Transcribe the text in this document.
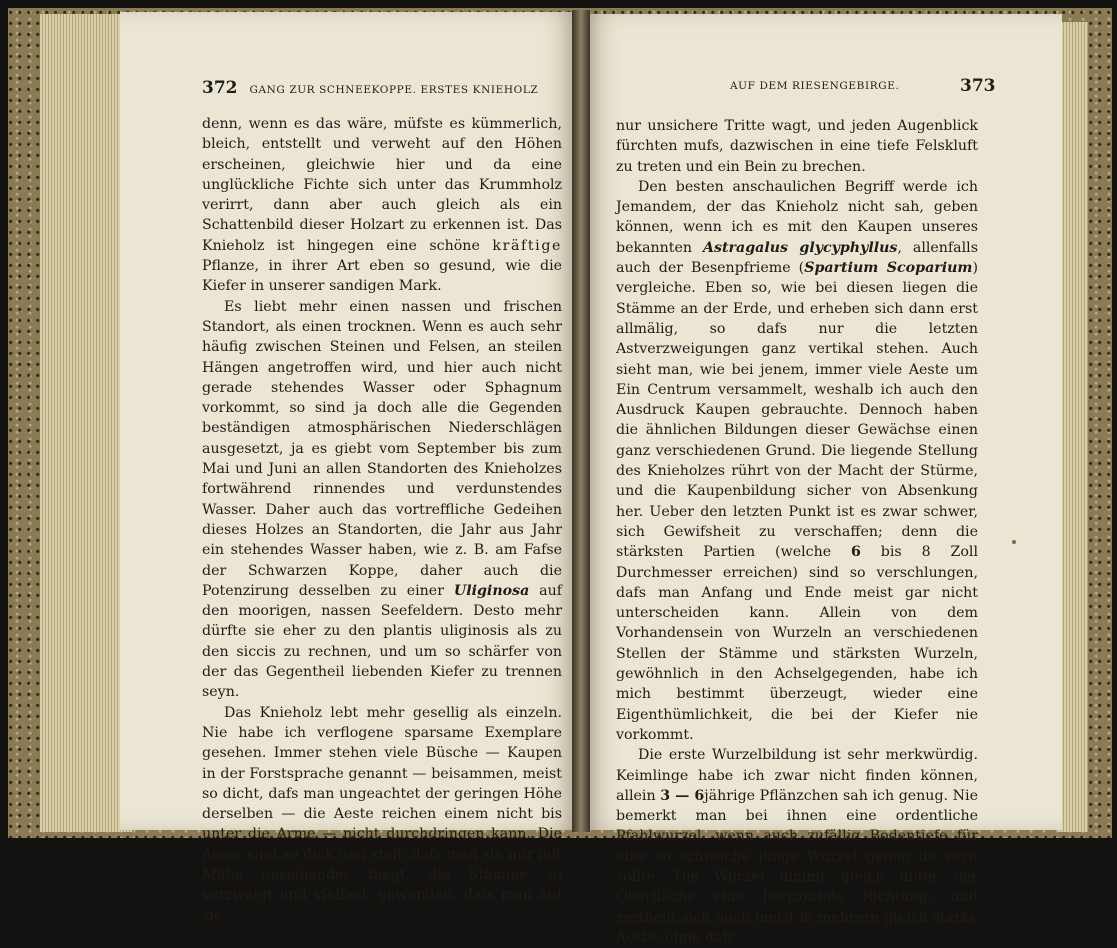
372 GANG ZUR SCHNEEKOPPE. ERSTES KNIEHOLZ

denn, wenn es das wäre, müfste es kümmerlich, bleich, entstellt und verweht auf den Höhen erscheinen, gleichwie hier und da eine unglückliche Fichte sich unter das Krummholz verirrt, dann aber auch gleich als ein Schattenbild dieser Holzart zu erkennen ist. Das Knieholz ist hingegen eine schöne kräftige Pflanze, in ihrer Art eben so gesund, wie die Kiefer in unserer sandigen Mark.

Es liebt mehr einen nassen und frischen Standort, als einen trocknen. Wenn es auch sehr häufig zwischen Steinen und Felsen, an steilen Hängen angetroffen wird, und hier auch nicht gerade stehendes Wasser oder Sphagnum vorkommt, so sind ja doch alle die Gegenden beständigen atmosphärischen Niederschlägen ausgesetzt, ja es giebt vom September bis zum Mai und Juni an allen Standorten des Knieholzes fortwährend rinnendes und verdunstendes Wasser. Daher auch das vortreffliche Gedeihen dieses Holzes an Standorten, die Jahr aus Jahr ein stehendes Wasser haben, wie z. B. am Fafse der Schwarzen Koppe, daher auch die Potenzirung desselben zu einer Uliginosa auf den moorigen, nassen Seefeldern. Desto mehr dürfte sie eher zu den plantis uliginosis als zu den siccis zu rechnen, und um so schärfer von der das Gegentheil liebenden Kiefer zu trennen seyn.

Das Knieholz lebt mehr gesellig als einzeln. Nie habe ich verflogene sparsame Exemplare gesehen. Immer stehen viele Büsche — Kaupen in der Forstsprache genannt — beisammen, meist so dicht, dafs man ungeachtet der geringen Höhe derselben — die Aeste reichen einem nicht bis unter die Arme — nicht durchdringen kann. Die Aeste sind so dick und steif, dafs man sie nur mit Mühe auseinander biegt, die Stämme so verzweigt und vielfach gewunden, dafs man auf sie

AUF DEM RIESENGEBIRGE.	373

nur unsichere Tritte wagt, und jeden Augenblick fürchten mufs, dazwischen in eine tiefe Felskluft zu treten und ein Bein zu brechen.

Den besten anschaulichen Begriff werde ich Jemandem, der das Knieholz nicht sah, geben können, wenn ich es mit den Kaupen unseres bekannten Astragalus glycyphyllus, allenfalls auch der Besenpfrieme (Spartium Scoparium) vergleiche. Eben so, wie bei diesen liegen die Stämme an der Erde, und erheben sich dann erst allmälig, so dafs nur die letzten Astverzweigungen ganz vertikal stehen. Auch sieht man, wie bei jenem, immer viele Aeste um Ein Centrum versammelt, weshalb ich auch den Ausdruck Kaupen gebrauchte. Dennoch haben die ähnlichen Bildungen dieser Gewächse einen ganz verschiedenen Grund. Die liegende Stellung des Knieholzes rührt von der Macht der Stürme, und die Kaupenbildung sicher von Absenkung her. Ueber den letzten Punkt ist es zwar schwer, sich Gewifsheit zu verschaffen; denn die stärksten Partien (welche 6 bis 8 Zoll Durchmesser erreichen) sind so verschlungen, dafs man Anfang und Ende meist gar nicht unterscheiden kann. Allein von dem Vorhandensein von Wurzeln an verschiedenen Stellen der Stämme und stärksten Wurzeln, gewöhnlich in den Achselgegenden, habe ich mich bestimmt überzeugt, wieder eine Eigenthümlichkeit, die bei der Kiefer nie vorkommt.

Die erste Wurzelbildung ist sehr merkwürdig. Keimlinge habe ich zwar nicht finden können, allein 3 — 6jährige Pflänzchen sah ich genug. Nie bemerkt man bei ihnen eine ordentliche Pfahlwurzel, wenn auch zufällig Bodentiefe für eine so schwache junge Wurzel genug da seyn sollte. Die Wurzel nimmt gleich unter der Oberfläche eine horizontale Richtung, und zertheilt sich auch meist in mehrere gleich starke Aeste, ohne dafs
